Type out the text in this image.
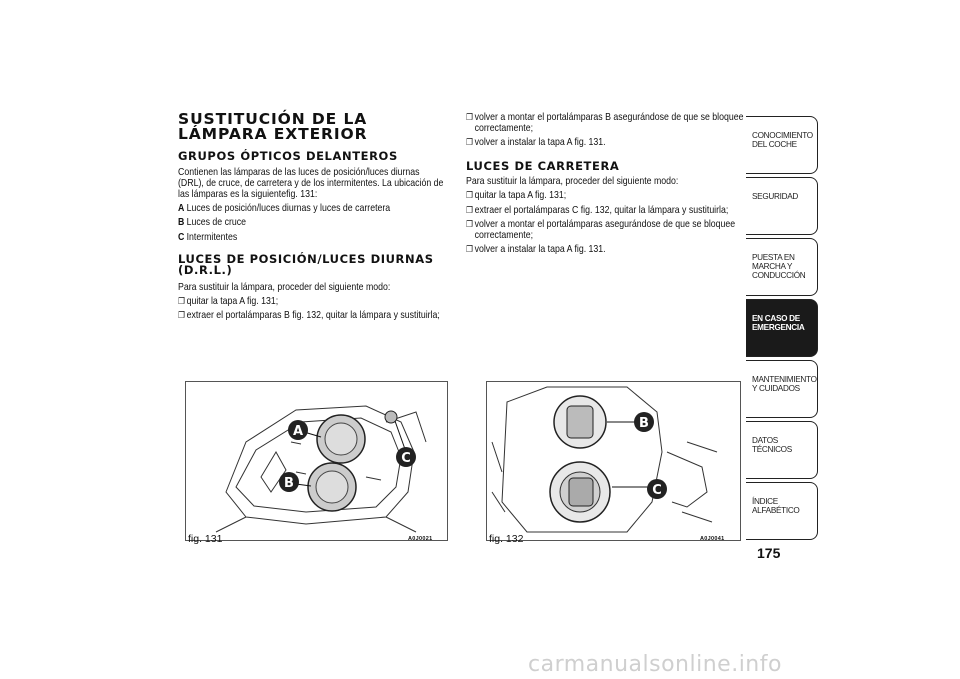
SUSTITUCIÓN DE LA LÁMPARA EXTERIOR
GRUPOS ÓPTICOS DELANTEROS
Contienen las lámparas de las luces de posición/luces diurnas (DRL), de cruce, de carretera y de los intermitentes. La ubicación de las lámparas es la siguientefig. 131:
A Luces de posición/luces diurnas y luces de carretera
B Luces de cruce
C Intermitentes
LUCES DE POSICIÓN/LUCES DIURNAS (D.R.L.)
Para sustituir la lámpara, proceder del siguiente modo:
❐ quitar la tapa A fig. 131;
❐ extraer el portalámparas B fig. 132, quitar la lámpara y sustituirla;
❐ volver a montar el portalámparas B asegurándose de que se bloquee correctamente;
❐ volver a instalar la tapa A fig. 131.
LUCES DE CARRETERA
Para sustituir la lámpara, proceder del siguiente modo:
❐ quitar la tapa A fig. 131;
❐ extraer el portalámparas C fig. 132, quitar la lámpara y sustituirla;
❐ volver a montar el portalámparas asegurándose de que se bloquee correctamente;
❐ volver a instalar la tapa A fig. 131.
A
B
C
fig. 131	A0J0021
B
C
fig. 132	A0J0041
CONOCIMIENTO DEL COCHE
SEGURIDAD
PUESTA EN MARCHA Y CONDUCCIÓN
EN CASO DE EMERGENCIA
MANTENIMIENTO Y CUIDADOS
DATOS TÉCNICOS
ÍNDICE ALFABÉTICO
175
carmanualsonline.info
